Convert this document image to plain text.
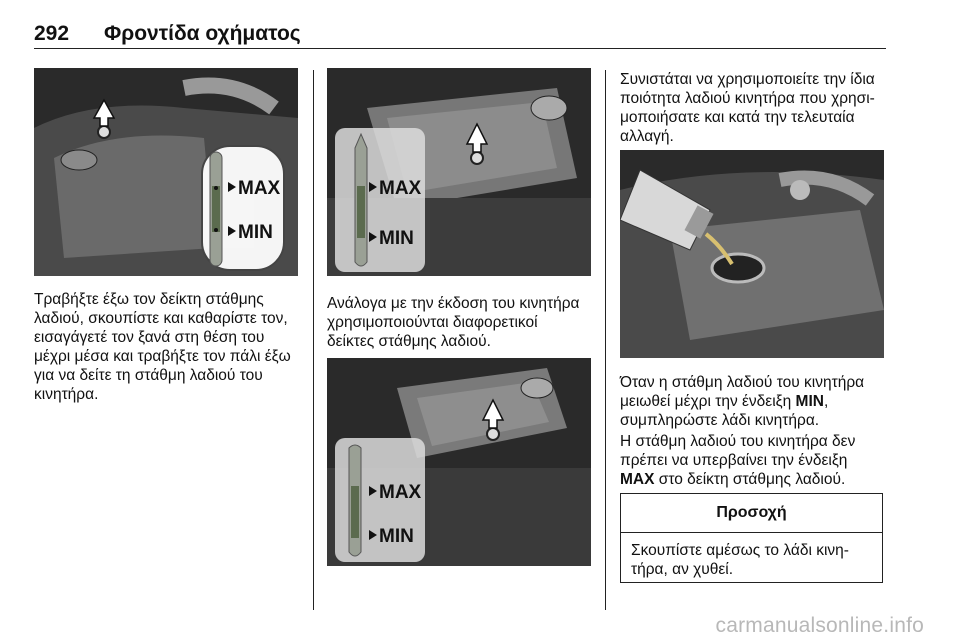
292 Φροντίδα οχήματος
MAX
MIN

Τραβήξτε έξω τον δείκτη στάθμης
λαδιού, σκουπίστε και καθαρίστε τον,
εισαγάγετέ τον ξανά στη θέση του
μέχρι μέσα και τραβήξτε τον πάλι έξω
για να δείτε τη στάθμη λαδιού του
κινητήρα.

MAX
MIN

Ανάλογα με την έκδοση του κινητήρα
χρησιμοποιούνται διαφορετικοί
δείκτες στάθμης λαδιού.

MAX
MIN

Συνιστάται να χρησιμοποιείτε την ίδια
ποιότητα λαδιού κινητήρα που χρησι‐
μοποιήσατε και κατά την τελευταία
αλλαγή.

Όταν η στάθμη λαδιού του κινητήρα
μειωθεί μέχρι την ένδειξη MIN,
συμπληρώστε λάδι κινητήρα.

Η στάθμη λαδιού του κινητήρα δεν
πρέπει να υπερβαίνει την ένδειξη
MAX στο δείκτη στάθμης λαδιού.

Προσοχή
Σκουπίστε αμέσως το λάδι κινη‐
τήρα, αν χυθεί.
carmanualsonline.info
